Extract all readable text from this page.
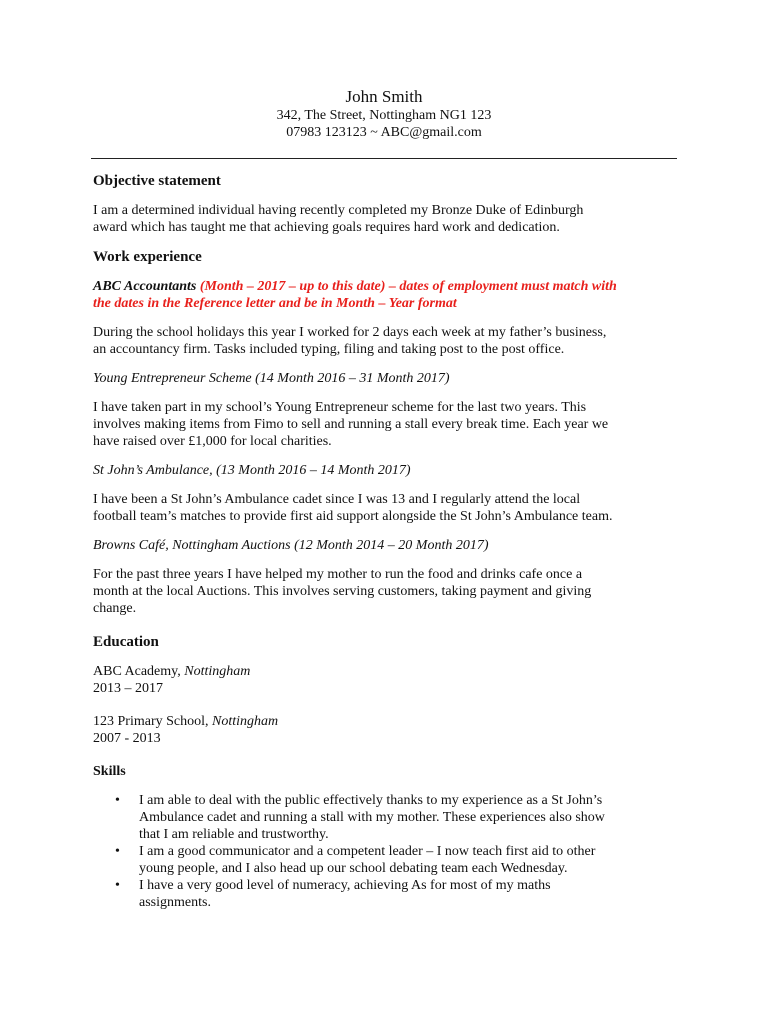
John Smith
342, The Street, Nottingham NG1 123
07983 123123 ~ ABC@gmail.com
Objective statement

I am a determined individual having recently completed my Bronze Duke of Edinburgh
award which has taught me that achieving goals requires hard work and dedication.

Work experience

ABC Accountants (Month – 2017 – up to this date) – dates of employment must match with
the dates in the Reference letter and be in Month – Year format

During the school holidays this year I worked for 2 days each week at my father’s business,
an accountancy firm. Tasks included typing, filing and taking post to the post office.

Young Entrepreneur Scheme (14 Month 2016 – 31 Month 2017)

I have taken part in my school’s Young Entrepreneur scheme for the last two years. This
involves making items from Fimo to sell and running a stall every break time. Each year we
have raised over £1,000 for local charities.

St John’s Ambulance, (13 Month 2016 – 14 Month 2017)

I have been a St John’s Ambulance cadet since I was 13 and I regularly attend the local
football team’s matches to provide first aid support alongside the St John’s Ambulance team.

Browns Café, Nottingham Auctions (12 Month 2014 – 20 Month 2017)

For the past three years I have helped my mother to run the food and drinks cafe once a
month at the local Auctions. This involves serving customers, taking payment and giving
change.

Education

ABC Academy, Nottingham
2013 – 2017

123 Primary School, Nottingham
2007 - 2013

Skills
• I am able to deal with the public effectively thanks to my experience as a St John’s
Ambulance cadet and running a stall with my mother. These experiences also show
that I am reliable and trustworthy.
• I am a good communicator and a competent leader – I now teach first aid to other
young people, and I also head up our school debating team each Wednesday.
• I have a very good level of numeracy, achieving As for most of my maths
assignments.
